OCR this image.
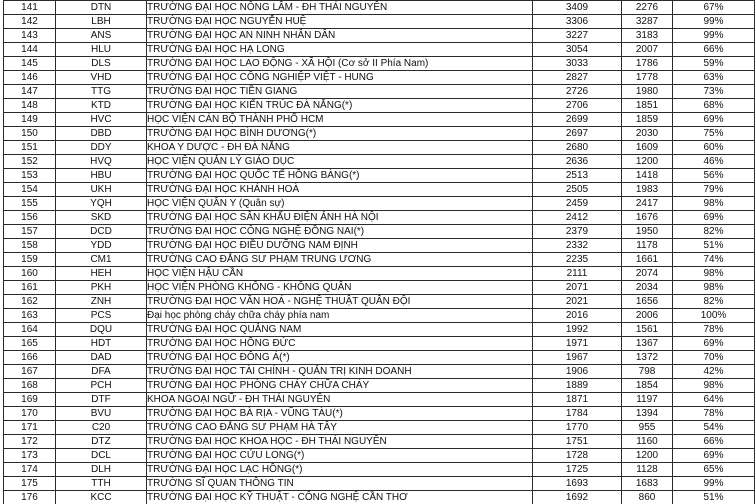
141	DTN	TRƯỜNG ĐẠI HỌC NÔNG LÂM - ĐH THÁI NGUYÊN	3409	2276	67%
142	LBH	TRƯỜNG ĐẠI HỌC NGUYỄN HUỆ	3306	3287	99%
143	ANS	TRƯỜNG ĐẠI HỌC AN NINH NHÂN DÂN	3227	3183	99%
144	HLU	TRƯỜNG ĐẠI HỌC HẠ LONG	3054	2007	66%
145	DLS	TRƯỜNG ĐẠI HỌC LAO ĐỘNG - XÃ HỘI (Cơ sở II Phía Nam)	3033	1786	59%
146	VHD	TRƯỜNG ĐẠI HỌC CÔNG NGHIỆP VIỆT - HUNG	2827	1778	63%
147	TTG	TRƯỜNG ĐẠI HỌC TIỀN GIANG	2726	1980	73%
148	KTD	TRƯỜNG ĐẠI HỌC KIẾN TRÚC ĐÀ NẴNG(*)	2706	1851	68%
149	HVC	HỌC VIỆN CÁN BỘ THÀNH PHỐ HCM	2699	1859	69%
150	DBD	TRƯỜNG ĐẠI HỌC BÌNH DƯƠNG(*)	2697	2030	75%
151	DDY	KHOA Y DƯỢC - ĐH ĐÀ NẴNG	2680	1609	60%
152	HVQ	HỌC VIỆN QUẢN LÝ GIÁO DỤC	2636	1200	46%
153	HBU	TRƯỜNG ĐẠI HỌC QUỐC TẾ HỒNG BÀNG(*)	2513	1418	56%
154	UKH	TRƯỜNG ĐẠI HỌC KHÁNH HOÀ	2505	1983	79%
155	YQH	HỌC VIỆN QUÂN Y (Quân sự)	2459	2417	98%
156	SKD	TRƯỜNG ĐẠI HỌC SÂN KHẤU ĐIỆN ẢNH HÀ NỘI	2412	1676	69%
157	DCD	TRƯỜNG ĐẠI HỌC CÔNG NGHỆ ĐỒNG NAI(*)	2379	1950	82%
158	YDD	TRƯỜNG ĐẠI HỌC ĐIỀU DƯỠNG NAM ĐỊNH	2332	1178	51%
159	CM1	TRƯỜNG CAO ĐẲNG SƯ PHẠM TRUNG ƯƠNG	2235	1661	74%
160	HEH	HỌC VIỆN HẬU CẦN	2111	2074	98%
161	PKH	HỌC VIỆN PHÒNG KHÔNG - KHÔNG QUÂN	2071	2034	98%
162	ZNH	TRƯỜNG ĐẠI HỌC VĂN HOÁ - NGHỆ THUẬT QUÂN ĐỘI	2021	1656	82%
163	PCS	Đại học phòng cháy chữa cháy phía nam	2016	2006	100%
164	DQU	TRƯỜNG ĐẠI HỌC QUẢNG NAM	1992	1561	78%
165	HDT	TRƯỜNG ĐẠI HỌC HỒNG ĐỨC	1971	1367	69%
166	DAD	TRƯỜNG ĐẠI HỌC ĐÔNG Á(*)	1967	1372	70%
167	DFA	TRƯỜNG ĐẠI HỌC TÀI CHÍNH - QUẢN TRỊ KINH DOANH	1906	798	42%
168	PCH	TRƯỜNG ĐẠI HỌC PHÒNG CHÁY CHỮA CHÁY	1889	1854	98%
169	DTF	KHOA NGOẠI NGỮ - ĐH THÁI NGUYÊN	1871	1197	64%
170	BVU	TRƯỜNG ĐẠI HỌC BÀ RỊA - VŨNG TÀU(*)	1784	1394	78%
171	C20	TRƯỜNG CAO ĐẲNG SƯ PHẠM HÀ TÂY	1770	955	54%
172	DTZ	TRƯỜNG ĐẠI HỌC KHOA HỌC - ĐH THÁI NGUYÊN	1751	1160	66%
173	DCL	TRƯỜNG ĐẠI HỌC CỬU LONG(*)	1728	1200	69%
174	DLH	TRƯỜNG ĐẠI HỌC LẠC HỒNG(*)	1725	1128	65%
175	TTH	TRƯỜNG SĨ QUAN THÔNG TIN	1693	1683	99%
176	KCC	TRƯỜNG ĐẠI HỌC KỸ THUẬT - CÔNG NGHỆ CẦN THƠ	1692	860	51%
